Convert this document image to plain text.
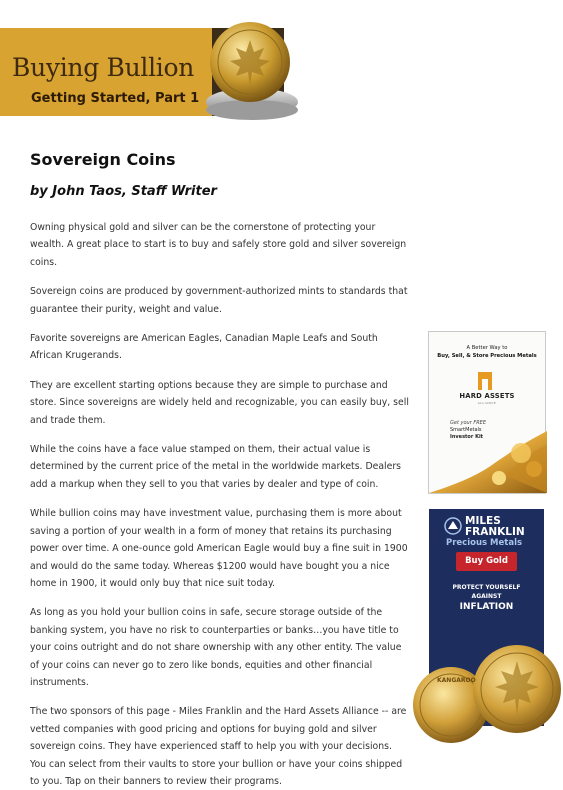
Buying Bullion
Getting Started, Part 1
Sovereign Coins
by John Taos, Staff Writer

Owning physical gold and silver can be the cornerstone of protecting your wealth. A great place to start is to buy and safely store gold and silver sovereign coins.

Sovereign coins are produced by government-authorized mints to standards that guarantee their purity, weight and value.

Favorite sovereigns are American Eagles, Canadian Maple Leafs and South African Krugerands.

They are excellent starting options because they are simple to purchase and store. Since sovereigns are widely held and recognizable, you can easily buy, sell and trade them.

While the coins have a face value stamped on them, their actual value is determined by the current price of the metal in the worldwide markets. Dealers add a markup when they sell to you that varies by dealer and type of coin.

While bullion coins may have investment value, purchasing them is more about saving a portion of your wealth in a form of money that retains its purchasing power over time. A one-ounce gold American Eagle would buy a fine suit in 1900 and would do the same today. Whereas $1200 would have bought you a nice home in 1900, it would only buy that nice suit today.

As long as you hold your bullion coins in safe, secure storage outside of the banking system, you have no risk to counterparties or banks…you have title to your coins outright and do not share ownership with any other entity. The value of your coins can never go to zero like bonds, equities and other financial instruments.

The two sponsors of this page - Miles Franklin and the Hard Assets Alliance -- are vetted companies with good pricing and options for buying gold and silver sovereign coins. They have experienced staff to help you with your decisions. You can select from their vaults to store your bullion or have your coins shipped to you. Tap on their banners to review their programs.

A Better Way to
Buy, Sell, & Store Precious Metals
HARD ASSETS
ALLIANCE
Get your FREE
SmartMetals
Investor Kit
MILES
FRANKLIN
Precious Metals
Buy Gold
PROTECT YOURSELF
AGAINST
INFLATION
KANGAROO
